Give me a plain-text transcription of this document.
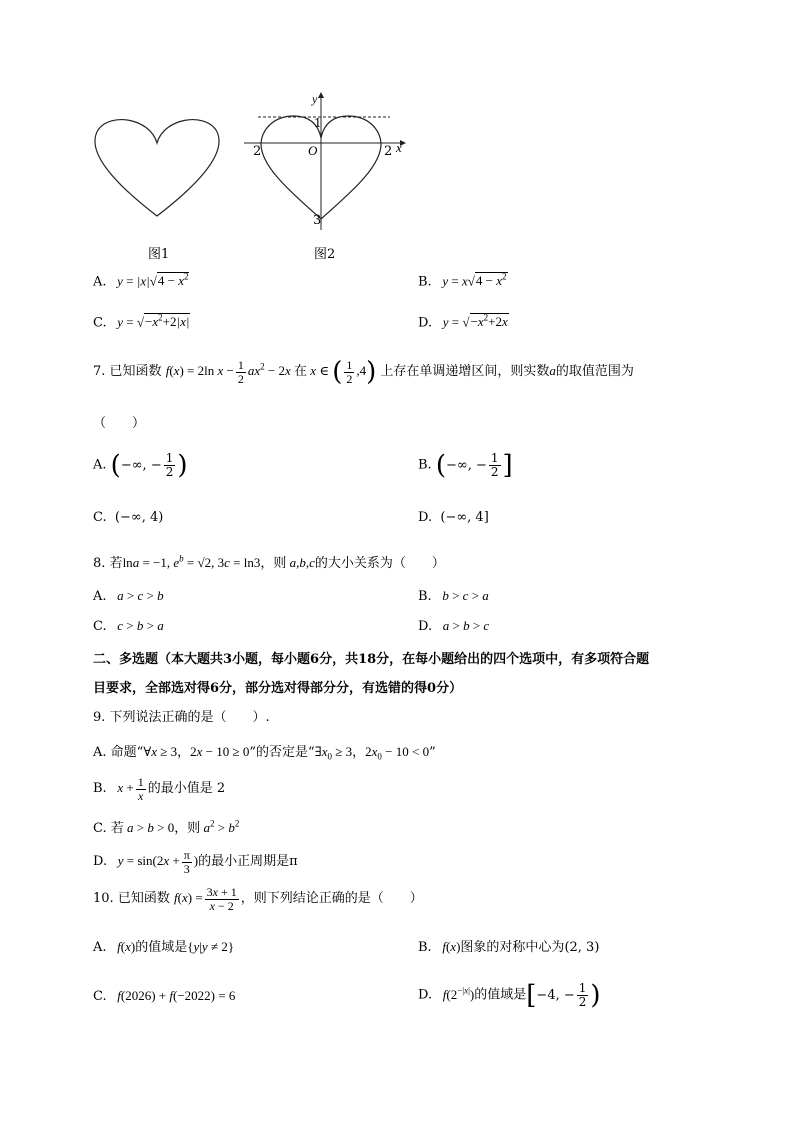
图1
y
1
2	O	2 x
3
图2
A.   $y = |x|√4 - x^2$	B.   $y = x√4 - x^2$
C.   $y = √-x^2+2|x|$	D.   $y = √-x^2+2x$
7. 已知函数 f(x) = 2ln $x - \frac{1}{2} ax^2 - 2x$ 在 x ∈ ( $\frac{1}{2} ,4$) 上存在单调递增区间，则实数a的取值范围为
（　　）
A. (−∞, − $\frac{1}{2}$ )	B. (−∞, − $\frac{1}{2}$ ]
C.  (−∞, 4)	D.  (−∞, 4]
8. 若lna = −1, $e^b = √2$, 3c = ln3，则 a,b,c的大小关系为（　　）
A.   a > c > b	B.   b > c > a
C.   c > b > a	D.   a > b > c
二、多选题（本大题共3小题，每小题6分，共18分，在每小题给出的四个选项中，有多项符合题
目要求，全部选对得6分，部分选对得部分分，有选错的得0分）
9. 下列说法正确的是（　　）.
A. 命题“∀x ≥ 3，2x − 10 ≥ 0”的否定是“$\exists x_0 \ge 3$，$2x_0 - 10 < 0$”
B.   $x + \frac{1}{x}$ 的最小值是 2
C. 若 a > b > 0，则 $a^2 > b^2$
D.   $y = \sin(2x + \frac{\pi}{3}$ )的最小正周期是π
10. 已知函数 $f(x) = \frac{3x + 1}{x - 2}$ ，则下列结论正确的是（　　）
A.   f(x)的值域是{y|y ≠ 2}	B.   f(x)图象的对称中心为(2, 3)
C.   f(2026) + f(−2022) = 6	D.   $f(2^{-|x|})$的值域是[−4, − $\frac{1}{2}$ )
